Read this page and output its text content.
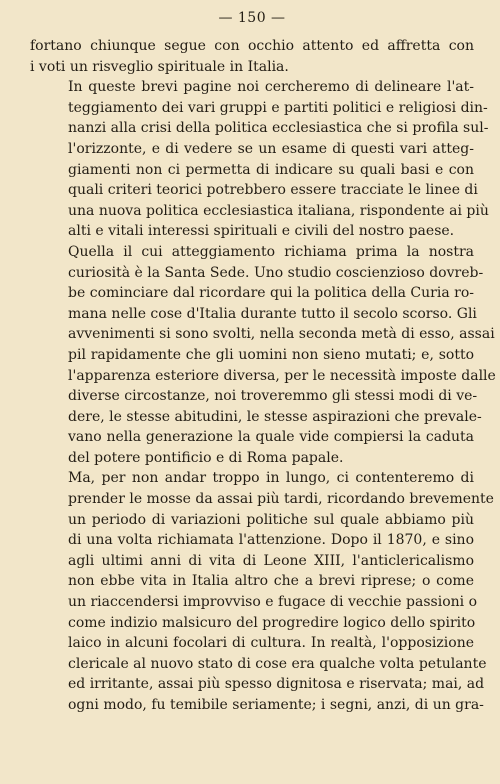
— 150 —
fortano chiunque segue con occhio attento ed affretta con
i voti un risveglio spirituale in Italia.
In queste brevi pagine noi cercheremo di delineare l'at-
teggiamento dei vari gruppi e partiti politici e religiosi din-
nanzi alla crisi della politica ecclesiastica che si profila sul-
l'orizzonte, e di vedere se un esame di questi vari atteg-
giamenti non ci permetta di indicare su quali basi e con
quali criteri teorici potrebbero essere tracciate le linee di
una nuova politica ecclesiastica italiana, rispondente ai più
alti e vitali interessi spirituali e civili del nostro paese.
Quella il cui atteggiamento richiama prima la nostra
curiosità è la Santa Sede. Uno studio coscienzioso dovreb-
be cominciare dal ricordare qui la politica della Curia ro-
mana nelle cose d'Italia durante tutto il secolo scorso. Gli
avvenimenti si sono svolti, nella seconda metà di esso, assai
pil rapidamente che gli uomini non sieno mutati; e, sotto
l'apparenza esteriore diversa, per le necessità imposte dalle
diverse circostanze, noi troveremmo gli stessi modi di ve-
dere, le stesse abitudini, le stesse aspirazioni che prevale-
vano nella generazione la quale vide compiersi la caduta
del potere pontificio e di Roma papale.
Ma, per non andar troppo in lungo, ci contenteremo di
prender le mosse da assai più tardi, ricordando brevemente
un periodo di variazioni politiche sul quale abbiamo più
di una volta richiamata l'attenzione. Dopo il 1870, e sino
agli ultimi anni di vita di Leone XIII, l'anticlericalismo
non ebbe vita in Italia altro che a brevi riprese; o come
un riaccendersi improvviso e fugace di vecchie passioni o
come indizio malsicuro del progredire logico dello spirito
laico in alcuni focolari di cultura. In realtà, l'opposizione
clericale al nuovo stato di cose era qualche volta petulante
ed irritante, assai più spesso dignitosa e riservata; mai, ad
ogni modo, fu temibile seriamente; i segni, anzi, di un gra-
